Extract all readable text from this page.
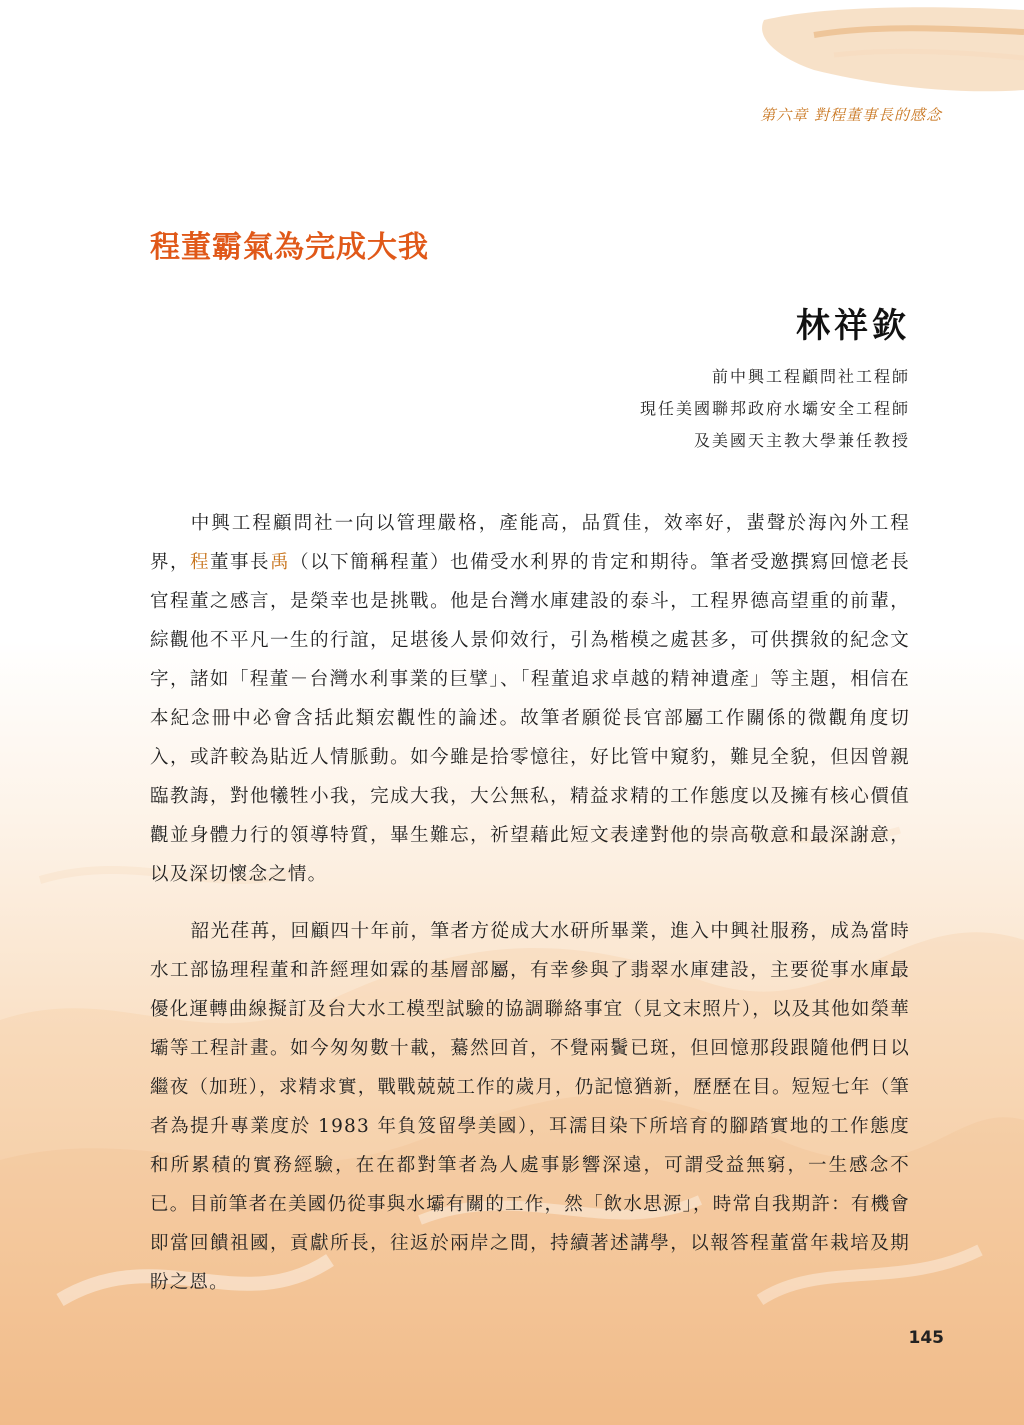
第六章 對程董事長的感念
程董霸氣為完成大我
林祥欽
前中興工程顧問社工程師
現任美國聯邦政府水壩安全工程師
及美國天主教大學兼任教授

中興工程顧問社一向以管理嚴格，產能高，品質佳，效率好，蜚聲於海內外工程界，程董事長禹（以下簡稱程董）也備受水利界的肯定和期待。筆者受邀撰寫回憶老長官程董之感言，是榮幸也是挑戰。他是台灣水庫建設的泰斗，工程界德高望重的前輩，綜觀他不平凡一生的行誼，足堪後人景仰效行，引為楷模之處甚多，可供撰敘的紀念文字，諸如「程董－台灣水利事業的巨擘」、「程董追求卓越的精神遺產」等主題，相信在本紀念冊中必會含括此類宏觀性的論述。故筆者願從長官部屬工作關係的微觀角度切入，或許較為貼近人情脈動。如今雖是拾零憶往，好比管中窺豹，難見全貌，但因曾親臨教誨，對他犧牲小我，完成大我，大公無私，精益求精的工作態度以及擁有核心價值觀並身體力行的領導特質，畢生難忘，祈望藉此短文表達對他的崇高敬意和最深謝意，以及深切懷念之情。

韶光荏苒，回顧四十年前，筆者方從成大水研所畢業，進入中興社服務，成為當時水工部協理程董和許經理如霖的基層部屬，有幸參與了翡翠水庫建設，主要從事水庫最優化運轉曲線擬訂及台大水工模型試驗的協調聯絡事宜（見文末照片），以及其他如榮華壩等工程計畫。如今匆匆數十載，驀然回首，不覺兩鬢已斑，但回憶那段跟隨他們日以繼夜（加班），求精求實，戰戰兢兢工作的歲月，仍記憶猶新，歷歷在目。短短七年（筆者為提升專業度於 1983 年負笈留學美國），耳濡目染下所培育的腳踏實地的工作態度和所累積的實務經驗，在在都對筆者為人處事影響深遠，可謂受益無窮，一生感念不已。目前筆者在美國仍從事與水壩有關的工作，然「飲水思源」，時常自我期許：有機會即當回饋祖國，貢獻所長，往返於兩岸之間，持續著述講學，以報答程董當年栽培及期盼之恩。

145
